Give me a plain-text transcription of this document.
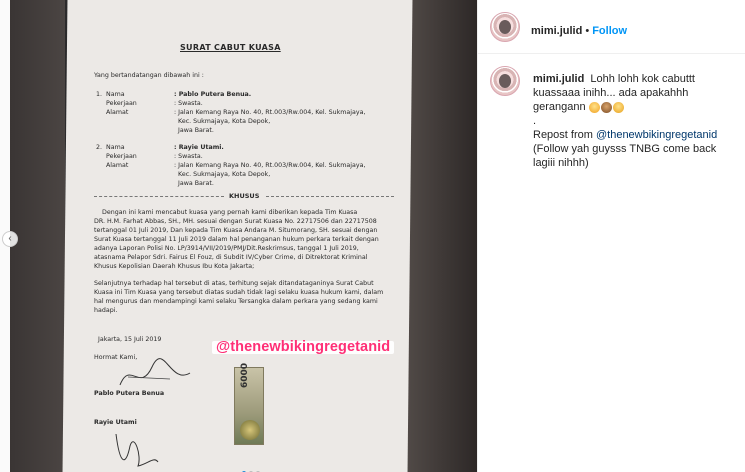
SURAT CABUT KUASA
Yang bertandatangan dibawah ini :
1. Nama	: Pablo Putera Benua.
Pekerjaan	: Swasta.
Alamat	: Jalan Kemang Raya No. 40, Rt.003/Rw.004, Kel. Sukmajaya,
Kec. Sukmajaya, Kota Depok,
Jawa Barat.
2. Nama	: Rayie Utami.
Pekerjaan	: Swasta.
Alamat	: Jalan Kemang Raya No. 40, Rt.003/Rw.004, Kel. Sukmajaya,
Kec. Sukmajaya, Kota Depok,
Jawa Barat.
KHUSUS
Dengan ini kami mencabut kuasa yang pernah kami diberikan kepada Tim Kuasa
DR. H.M. Farhat Abbas, SH., MH. sesuai dengan Surat Kuasa No. 22717506 dan 22717508
tertanggal 01 Juli 2019, Dan kepada Tim Kuasa Andara M. Situmorang, SH. sesuai dengan
Surat Kuasa tertanggal 11 Juli 2019 dalam hal penanganan hukum perkara terkait dengan
adanya Laporan Polisi No. LP/3914/VII/2019/PMJ/Dit.Reskrimsus, tanggal 1 Juli 2019,
atasnama Pelapor Sdri. Fairus El Fouz, di Subdit IV/Cyber Crime, di Ditrektorat Kriminal
Khusus Kepolisian Daerah Khusus Ibu Kota Jakarta;
Selanjutnya terhadap hal tersebut di atas, terhitung sejak ditandataganinya Surat Cabut
Kuasa ini Tim Kuasa yang tersebut diatas sudah tidak lagi selaku kuasa hukum kami, dalam
hal mengurus dan mendampingi kami selaku Tersangka dalam perkara yang sedang kami
hadapi.
Jakarta, 15 Juli 2019
Hormat Kami,
Pablo Putera Benua
Rayie Utami
6000
@thenewbikingregetanid
‹
mimi.julid • Follow
mimi.julid Lohh lohh kok cabuttt kuassaaa inihh... ada apakahhh gerangann
.
Repost from @thenewbikingregetanid
(Follow yah guysss TNBG come back lagiii nihhh)
